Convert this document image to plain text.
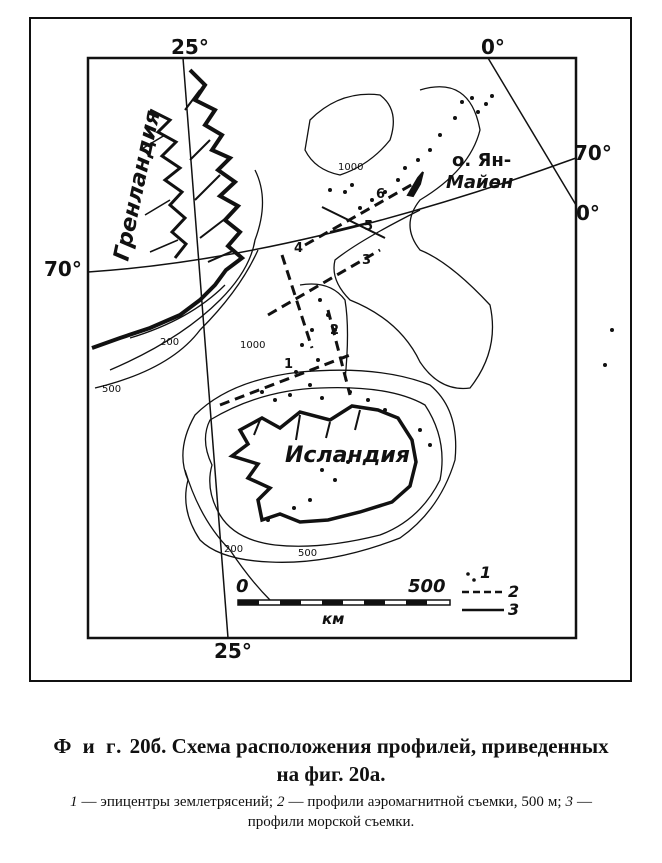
25°	0°
70°
0°
70°
25°
Гренландия
Исландия
о. Ян-
Майен
1000
200	1000
500
200	500
1
2
3
4
5
6
0	500
км
1
2
3
Ф и г. 20б. Схема расположения профилей, приведенных на фиг. 20а.
1 — эпицентры землетрясений; 2 — профили аэромагнитной съемки, 500 м; 3 — профили морской съемки.
